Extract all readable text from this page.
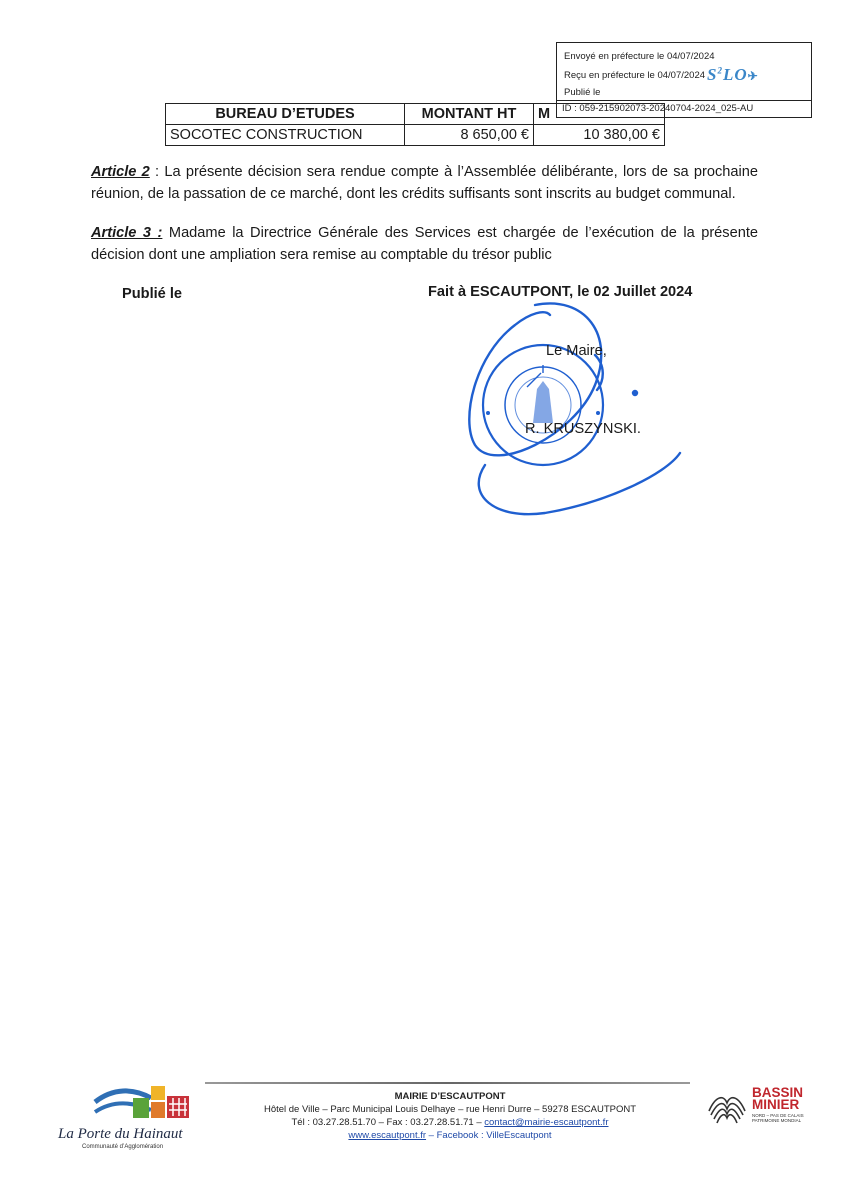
Envoyé en préfecture le 04/07/2024
Reçu en préfecture le 04/07/2024 $S^2LO✈$
Publié le
ID : 059-215902073-20240704-2024_025-AU
BUREAU D’ETUDES	MONTANT HT	M
SOCOTEC CONSTRUCTION	8 650,00 €	10 380,00 €
Article 2 : La présente décision sera rendue compte à l’Assemblée délibérante, lors de sa prochaine réunion, de la passation de ce marché, dont les crédits suffisants sont inscrits au budget communal.
Article 3 : Madame la Directrice Générale des Services est chargée de l’exécution de la présente décision dont une ampliation sera remise au comptable du trésor public
Publié le	Fait à ESCAUTPONT, le 02 Juillet 2024
Le Maire,
R. KRUSZYNSKI.
La Porte du Hainaut
Communauté d’Agglomération
MAIRIE D’ESCAUTPONT
Hôtel de Ville – Parc Municipal Louis Delhaye – rue Henri Durre – 59278 ESCAUTPONT
Tél : 03.27.28.51.70 – Fax : 03.27.28.51.71 – contact@mairie-escautpont.fr
www.escautpont.fr – Facebook : VilleEscautpont
BASSIN
MINIER
NORD – PAS DE CALAIS
PATRIMOINE MONDIAL
